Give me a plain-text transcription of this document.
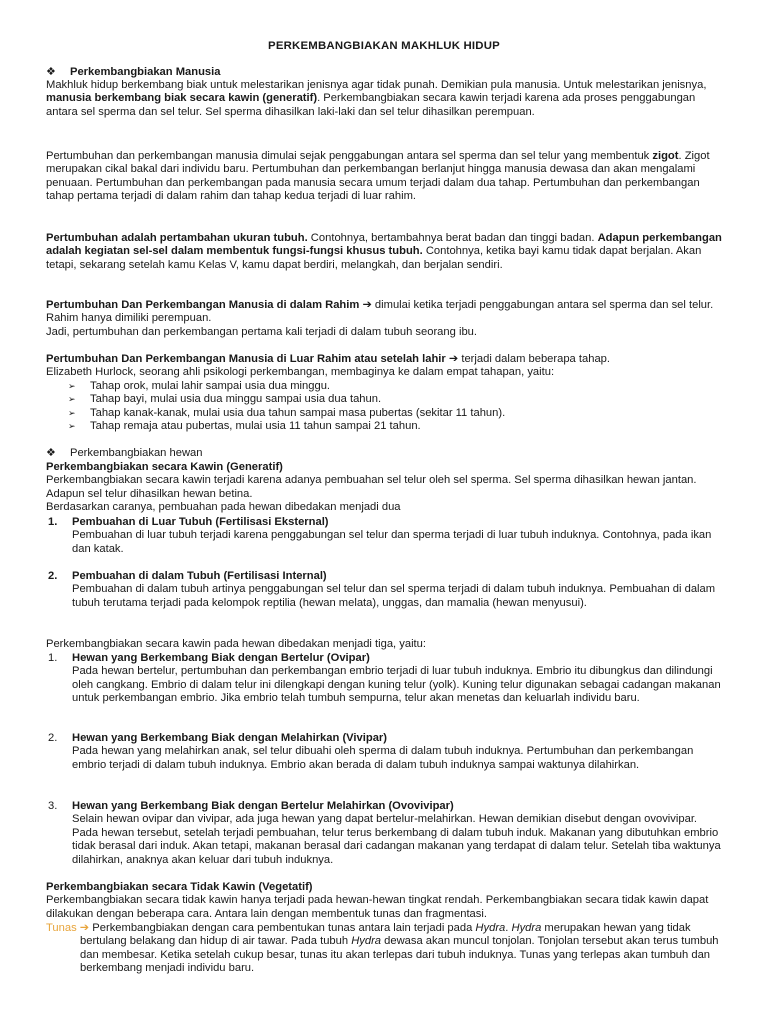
PERKEMBANGBIAKAN MAKHLUK HIDUP
❖	Perkembangbiakan Manusia

Makhluk hidup berkembang biak untuk melestarikan jenisnya agar tidak punah. Demikian pula manusia. Untuk melestarikan jenisnya, manusia berkembang biak secara kawin (generatif). Perkembangbiakan secara kawin terjadi karena ada proses penggabungan antara sel sperma dan sel telur. Sel sperma dihasilkan laki-laki dan sel telur dihasilkan perempuan.

Pertumbuhan dan perkembangan manusia dimulai sejak penggabungan antara sel sperma dan sel telur yang membentuk zigot. Zigot merupakan cikal bakal dari individu baru. Pertumbuhan dan perkembangan berlanjut hingga manusia dewasa dan akan mengalami penuaan. Pertumbuhan dan perkembangan pada manusia secara umum terjadi dalam dua tahap. Pertumbuhan dan perkembangan tahap pertama terjadi di dalam rahim dan tahap kedua terjadi di luar rahim.

Pertumbuhan adalah pertambahan ukuran tubuh. Contohnya, bertambahnya berat badan dan tinggi badan. Adapun perkembangan adalah kegiatan sel-sel dalam membentuk fungsi-fungsi khusus tubuh. Contohnya, ketika bayi kamu tidak dapat berjalan. Akan tetapi, sekarang setelah kamu Kelas V, kamu dapat berdiri, melangkah, dan berjalan sendiri.

Pertumbuhan Dan Perkembangan Manusia di dalam Rahim ➔ dimulai ketika terjadi penggabungan antara sel sperma dan sel telur. Rahim hanya dimiliki perempuan.
Jadi, pertumbuhan dan perkembangan pertama kali terjadi di dalam tubuh seorang ibu.

Pertumbuhan Dan Perkembangan Manusia di Luar Rahim atau setelah lahir ➔ terjadi dalam beberapa tahap.
Elizabeth Hurlock, seorang ahli psikologi perkembangan, membaginya ke dalam empat tahapan, yaitu:

➢	Tahap orok, mulai lahir sampai usia dua minggu.
➢	Tahap bayi, mulai usia dua minggu sampai usia dua tahun.
➢	Tahap kanak-kanak, mulai usia dua tahun sampai masa pubertas (sekitar 11 tahun).
➢	Tahap remaja atau pubertas, mulai usia 11 tahun sampai 21 tahun.
❖	Perkembangbiakan hewan

Perkembangbiakan secara Kawin (Generatif)
Perkembangbiakan secara kawin terjadi karena adanya pembuahan sel telur oleh sel sperma. Sel sperma dihasilkan hewan jantan. Adapun sel telur dihasilkan hewan betina.
Berdasarkan caranya, pembuahan pada hewan dibedakan menjadi dua

1.	Pembuahan di Luar Tubuh (Fertilisasi Eksternal)
Pembuahan di luar tubuh terjadi karena penggabungan sel telur dan sperma terjadi di luar tubuh induknya. Contohnya, pada ikan dan katak.

2.	Pembuahan di dalam Tubuh (Fertilisasi Internal)
Pembuahan di dalam tubuh artinya penggabungan sel telur dan sel sperma terjadi di dalam tubuh induknya. Pembuahan di dalam tubuh terutama terjadi pada kelompok reptilia (hewan melata), unggas, dan mamalia (hewan menyusui).

Perkembangbiakan secara kawin pada hewan dibedakan menjadi tiga, yaitu:

1.	Hewan yang Berkembang Biak dengan Bertelur (Ovipar)
Pada hewan bertelur, pertumbuhan dan perkembangan embrio terjadi di luar tubuh induknya. Embrio itu dibungkus dan dilindungi oleh cangkang. Embrio di dalam telur ini dilengkapi dengan kuning telur (yolk). Kuning telur digunakan sebagai cadangan makanan untuk perkembangan embrio. Jika embrio telah tumbuh sempurna, telur akan menetas dan keluarlah individu baru.

2.	Hewan yang Berkembang Biak dengan Melahirkan (Vivipar)
Pada hewan yang melahirkan anak, sel telur dibuahi oleh sperma di dalam tubuh induknya. Pertumbuhan dan perkembangan embrio terjadi di dalam tubuh induknya. Embrio akan berada di dalam tubuh induknya sampai waktunya dilahirkan.

3.	Hewan yang Berkembang Biak dengan Bertelur Melahirkan (Ovovivipar)
Selain hewan ovipar dan vivipar, ada juga hewan yang dapat bertelur-melahirkan. Hewan demikian disebut dengan ovovivipar. Pada hewan tersebut, setelah terjadi pembuahan, telur terus berkembang di dalam tubuh induk. Makanan yang dibutuhkan embrio tidak berasal dari induk. Akan tetapi, makanan berasal dari cadangan makanan yang terdapat di dalam telur. Setelah tiba waktunya dilahirkan, anaknya akan keluar dari tubuh induknya.

Perkembangbiakan secara Tidak Kawin (Vegetatif)
Perkembangbiakan secara tidak kawin hanya terjadi pada hewan-hewan tingkat rendah. Perkembangbiakan secara tidak kawin dapat dilakukan dengan beberapa cara. Antara lain dengan membentuk tunas dan fragmentasi.

Tunas ➔ Perkembangbiakan dengan cara pembentukan tunas antara lain terjadi pada Hydra. Hydra merupakan hewan yang tidak bertulang belakang dan hidup di air tawar. Pada tubuh Hydra dewasa akan muncul tonjolan. Tonjolan tersebut akan terus tumbuh dan membesar. Ketika setelah cukup besar, tunas itu akan terlepas dari tubuh induknya. Tunas yang terlepas akan tumbuh dan berkembang menjadi individu baru.
